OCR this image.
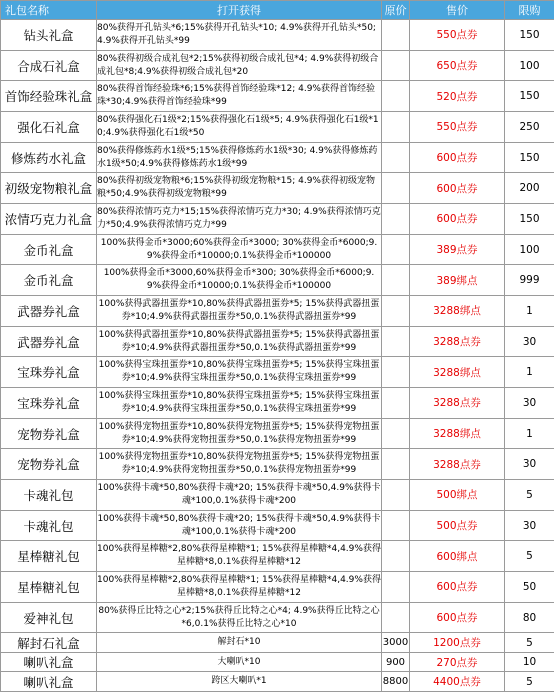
礼包名称	打开获得	原价	售价	限购
钻头礼盒	80%获得开孔钻头*6;15%获得开孔钻头*10; 4.9%获得开孔钻头*50;4.9%获得开孔钻头*99		550点券	150
合成石礼盒	80%获得初级合成礼包*2;15%获得初级合成礼包*4; 4.9%获得初级合成礼包*8;4.9%获得初级合成礼包*20		650点券	100
首饰经验珠礼盒	80%获得首饰经验珠*6;15%获得首饰经验珠*12; 4.9%获得首饰经验珠*30;4.9%获得首饰经验珠*99		520点券	150
强化石礼盒	80%获得强化石1级*2;15%获得强化石1级*5; 4.9%获得强化石1级*10;4.9%获得强化石1级*50		550点券	250
修炼药水礼盒	80%获得修炼药水1级*5;15%获得修炼药水1级*30; 4.9%获得修炼药水1级*50;4.9%获得修炼药水1级*99		600点券	150
初级宠物粮礼盒	80%获得初级宠物粮*6;15%获得初级宠物粮*15; 4.9%获得初级宠物粮*50;4.9%获得初级宠物粮*99		600点券	200
浓情巧克力礼盒	80%获得浓情巧克力*15;15%获得浓情巧克力*30; 4.9%获得浓情巧克力*50;4.9%获得浓情巧克力*99		600点券	150
金币礼盒	100%获得金币*3000;60%获得金币*3000; 30%获得金币*6000;9.9%获得金币*10000;0.1%获得金币*100000		389点券	100
金币礼盒	100%获得金币*3000,60%获得金币*300; 30%获得金币*6000;9.9%获得金币*10000;0.1%获得金币*100000		389绑点	999
武器券礼盒	100%获得武器扭蛋券*10,80%获得武器扭蛋券*5; 15%获得武器扭蛋券*10;4.9%获得武器扭蛋券*50,0.1%获得武器扭蛋券*99		3288绑点	1
武器券礼盒	100%获得武器扭蛋券*10,80%获得武器扭蛋券*5; 15%获得武器扭蛋券*10;4.9%获得武器扭蛋券*50,0.1%获得武器扭蛋券*99		3288点券	30
宝珠券礼盒	100%获得宝珠扭蛋券*10,80%获得宝珠扭蛋券*5; 15%获得宝珠扭蛋券*10;4.9%获得宝珠扭蛋券*50,0.1%获得宝珠扭蛋券*99		3288绑点	1
宝珠券礼盒	100%获得宝珠扭蛋券*10,80%获得宝珠扭蛋券*5; 15%获得宝珠扭蛋券*10;4.9%获得宝珠扭蛋券*50,0.1%获得宝珠扭蛋券*99		3288点券	30
宠物券礼盒	100%获得宠物扭蛋券*10,80%获得宠物扭蛋券*5; 15%获得宠物扭蛋券*10;4.9%获得宠物扭蛋券*50,0.1%获得宠物扭蛋券*99		3288绑点	1
宠物券礼盒	100%获得宠物扭蛋券*10,80%获得宠物扭蛋券*5; 15%获得宠物扭蛋券*10;4.9%获得宠物扭蛋券*50,0.1%获得宠物扭蛋券*99		3288点券	30
卡魂礼包	100%获得卡魂*50,80%获得卡魂*20; 15%获得卡魂*50,4.9%获得卡魂*100,0.1%获得卡魂*200		500绑点	5
卡魂礼包	100%获得卡魂*50,80%获得卡魂*20; 15%获得卡魂*50,4.9%获得卡魂*100,0.1%获得卡魂*200		500点券	30
星棒糖礼包	100%获得星棒糖*2,80%获得星棒糖*1; 15%获得星棒糖*4,4.9%获得星棒糖*8,0.1%获得星棒糖*12		600绑点	5
星棒糖礼包	100%获得星棒糖*2,80%获得星棒糖*1; 15%获得星棒糖*4,4.9%获得星棒糖*8,0.1%获得星棒糖*12		600点券	50
爱神礼包	80%获得丘比特之心*2;15%获得丘比特之心*4; 4.9%获得丘比特之心*6,0.1%获得丘比特之心*10		600点券	80
解封石礼盒	解封石*10	3000	1200点券	5
喇叭礼盒	大喇叭*10	900	270点券	10
喇叭礼盒	跨区大喇叭*1	8800	4400点券	5
